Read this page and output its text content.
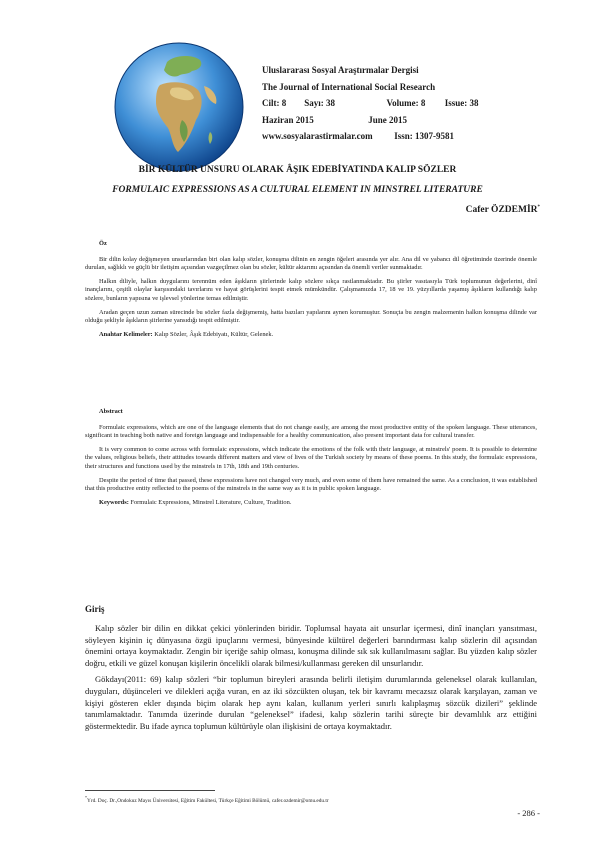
Uluslararası Sosyal Araştırmalar Dergisi
The Journal of International Social Research
Cilt: 8 Sayı: 38	Volume: 8 Issue: 38
Haziran 2015	June 2015
www.sosyalarastirmalar.com Issn: 1307-9581
BİR KÜLTÜR UNSURU OLARAK ÂŞIK EDEBİYATINDA KALIP SÖZLER
FORMULAIC EXPRESSIONS AS A CULTURAL ELEMENT IN MINSTREL LITERATURE
Cafer ÖZDEMİR*

Öz

Bir dilin kolay değişmeyen unsurlarından biri olan kalıp sözler, konuşma dilinin en zengin öğeleri arasında yer alır. Ana dil ve yabancı dil öğretiminde üzerinde önemle durulan, sağlıklı ve güçlü bir iletişim açısından vazgeçilmez olan bu sözler, kültür aktarımı açısından da önemli veriler sunmaktadır.

Halkın diliyle, halkın duygularını terennüm eden âşıkların şiirlerinde kalıp sözlere sıkça rastlanmaktadır. Bu şiirler vasıtasıyla Türk toplumunun değerlerini, dinî inançlarını, çeşitli olaylar karşısındaki tavırlarını ve hayat görüşlerini tespit etmek mümkündür. Çalışmamızda 17, 18 ve 19. yüzyıllarda yaşamış âşıkların kullandığı kalıp sözlere, bunların yapısına ve işlevsel yönlerine temas edilmiştir.

Aradan geçen uzun zaman sürecinde bu sözler fazla değişmemiş, hatta bazıları yapılarını aynen korumuştur. Sonuçta bu zengin malzemenin halkın konuşma dilinde var olduğu şekliyle âşıkların şiirlerine yansıdığı tespit edilmiştir.

Anahtar Kelimeler: Kalıp Sözler, Âşık Edebiyatı, Kültür, Gelenek.

Abstract

Formulaic expressions, which are one of the language elements that do not change easily, are among the most productive entity of the spoken language. These utterances, significant in teaching both native and foreign language and indispensable for a healthy communication, also present important data for cultural transfer.

It is very common to come across with formulaic expressions, which indicate the emotions of the folk with their language, at minstrels' poem. It is possible to determine the values, religious beliefs, their attitudes towards different matters and view of lives of the Turkish society by means of these poems. In this study, the formulaic expressions, their structures and functions used by the minstrels in 17th, 18th and 19th centuries.

Despite the period of time that passed, these expressions have not changed very much, and even some of them have remained the same. As a conclusion, it was established that this productive entity reflected to the poems of the minstrels in the same way as it is in public spoken language.

Keywords: Formulaic Expressions, Minstrel Literature, Culture, Tradition.

Giriş

Kalıp sözler bir dilin en dikkat çekici yönlerinden biridir. Toplumsal hayata ait unsurlar içermesi, dinî inançları yansıtması, söyleyen kişinin iç dünyasına özgü ipuçlarını vermesi, bünyesinde kültürel değerleri barındırması kalıp sözlerin dil açısından önemini ortaya koymaktadır. Zengin bir içeriğe sahip olması, konuşma dilinde sık sık kullanılmasını sağlar. Bu yüzden kalıp sözler doğru, etkili ve güzel konuşan kişilerin öncelikli olarak bilmesi/kullanması gereken dil unsurlarıdır.

Gökdayı(2011: 69) kalıp sözleri “bir toplumun bireyleri arasında belirli iletişim durumlarında geleneksel olarak kullanılan, duyguları, düşünceleri ve dilekleri açığa vuran, en az iki sözcükten oluşan, tek bir kavramı mecazsız olarak karşılayan, zaman ve kişiyi gösteren ekler dışında biçim olarak hep aynı kalan, kullanım yerleri sınırlı kalıplaşmış sözcük dizileri” şeklinde tanımlamaktadır. Tanımda üzerinde durulan “geleneksel” ifadesi, kalıp sözlerin tarihi süreçte bir devamlılık arz ettiğini göstermektedir. Bu ifade ayrıca toplumun kültürüyle olan ilişkisini de ortaya koymaktadır.

*Yrd. Doç. Dr.,Ondokuz Mayıs Üniversitesi, Eğitim Fakültesi, Türkçe Eğitimi Bölümü, cafer.ozdemir@omu.edu.tr
- 286 -
